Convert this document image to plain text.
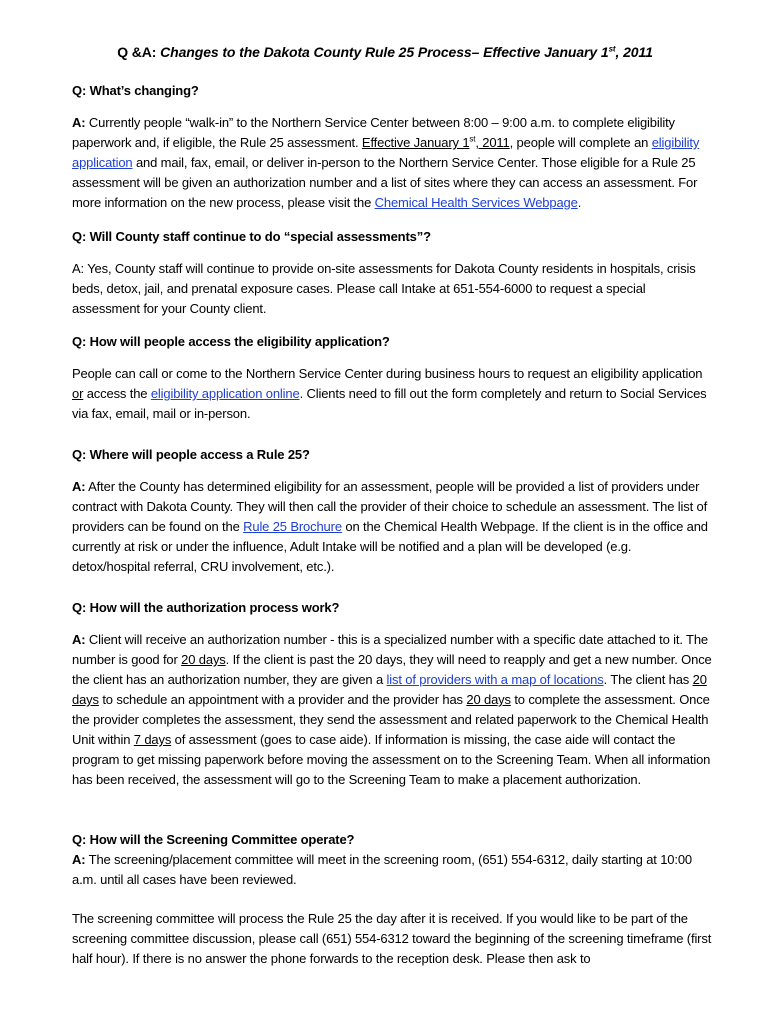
Q &A: Changes to the Dakota County Rule 25 Process– Effective January 1st, 2011
Q: What’s changing?
A: Currently people “walk-in” to the Northern Service Center between 8:00 – 9:00 a.m. to complete eligibility paperwork and, if eligible, the Rule 25 assessment. Effective January 1st, 2011, people will complete an eligibility application and mail, fax, email, or deliver in-person to the Northern Service Center. Those eligible for a Rule 25 assessment will be given an authorization number and a list of sites where they can access an assessment. For more information on the new process, please visit the Chemical Health Services Webpage.
Q: Will County staff continue to do “special assessments”?
A: Yes, County staff will continue to provide on-site assessments for Dakota County residents in hospitals, crisis beds, detox, jail, and prenatal exposure cases. Please call Intake at 651-554-6000 to request a special assessment for your County client.
Q: How will people access the eligibility application?
People can call or come to the Northern Service Center during business hours to request an eligibility application or access the eligibility application online. Clients need to fill out the form completely and return to Social Services via fax, email, mail or in-person.
Q: Where will people access a Rule 25?
A: After the County has determined eligibility for an assessment, people will be provided a list of providers under contract with Dakota County. They will then call the provider of their choice to schedule an assessment. The list of providers can be found on the Rule 25 Brochure on the Chemical Health Webpage. If the client is in the office and currently at risk or under the influence, Adult Intake will be notified and a plan will be developed (e.g. detox/hospital referral, CRU involvement, etc.).
Q: How will the authorization process work?
A: Client will receive an authorization number - this is a specialized number with a specific date attached to it. The number is good for 20 days. If the client is past the 20 days, they will need to reapply and get a new number. Once the client has an authorization number, they are given a list of providers with a map of locations. The client has 20 days to schedule an appointment with a provider and the provider has 20 days to complete the assessment. Once the provider completes the assessment, they send the assessment and related paperwork to the Chemical Health Unit within 7 days of assessment (goes to case aide). If information is missing, the case aide will contact the program to get missing paperwork before moving the assessment on to the Screening Team. When all information has been received, the assessment will go to the Screening Team to make a placement authorization.
Q: How will the Screening Committee operate?
A: The screening/placement committee will meet in the screening room, (651) 554-6312, daily starting at 10:00 a.m. until all cases have been reviewed.
The screening committee will process the Rule 25 the day after it is received. If you would like to be part of the screening committee discussion, please call (651) 554-6312 toward the beginning of the screening timeframe (first half hour). If there is no answer the phone forwards to the reception desk. Please then ask to
